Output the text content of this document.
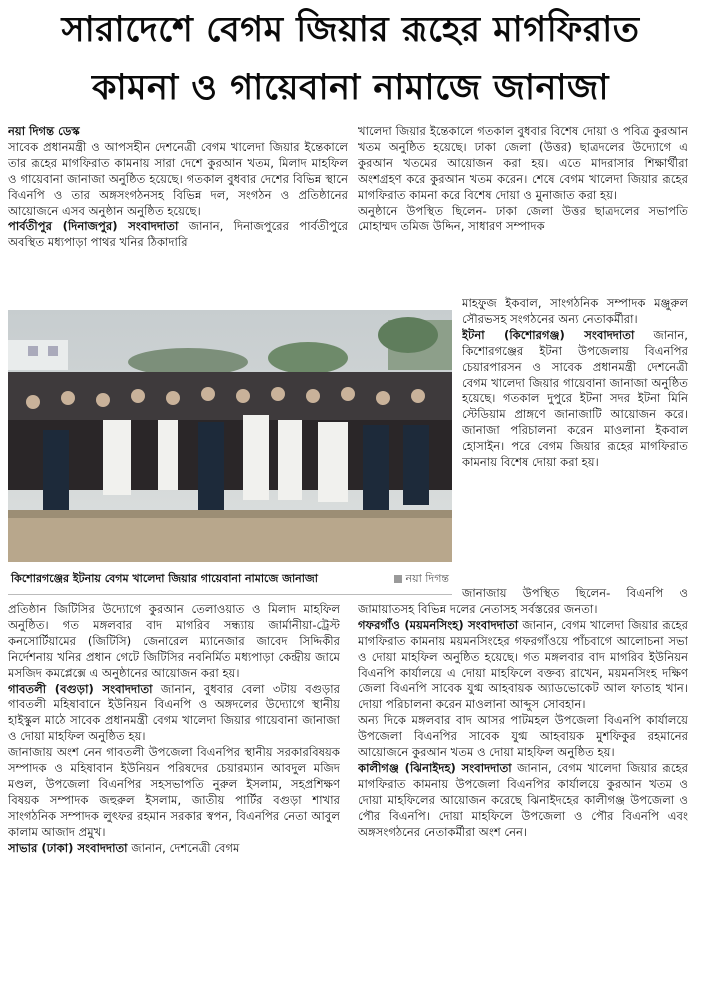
সারাদেশে বেগম জিয়ার রূহের মাগফিরাত
কামনা ও গায়েবানা নামাজে জানাজা

নয়া দিগন্ত ডেস্ক

সাবেক প্রধানমন্ত্রী ও আপসহীন দেশনেত্রী বেগম খালেদা জিয়ার ইন্তেকালে তার রূহের মাগফিরাত কামনায় সারা দেশে কুরআন খতম, মিলাদ মাহফিল ও গায়েবানা জানাজা অনুষ্ঠিত হয়েছে। গতকাল বুধবার দেশের বিভিন্ন স্থানে বিএনপি ও তার অঙ্গসংগঠনসহ বিভিন্ন দল, সংগঠন ও প্রতিষ্ঠানের আয়োজনে এসব অনুষ্ঠান অনুষ্ঠিত হয়েছে।

পার্বতীপুর (দিনাজপুর) সংবাদদাতা জানান, দিনাজপুরের পার্বতীপুরে অবস্থিত মধ্যপাড়া পাথর খনির ঠিকাদারি

কিশোরগঞ্জের ইটনায় বেগম খালেদা জিয়ার গায়েবানা নামাজে জানাজা	নয়া দিগন্ত

প্রতিষ্ঠান জিটিসির উদ্যোগে কুরআন তেলাওয়াত ও মিলাদ মাহফিল অনুষ্ঠিত। গত মঙ্গলবার বাদ মাগরিব সন্ধ্যায় জার্মানীয়া-ট্রেস্ট কনসোর্টিয়ামের (জিটিসি) জেনারেল ম্যানেজার জাবেদ সিদ্দিকীর নির্দেশনায় খনির প্রধান গেটে জিটিসির নবনির্মিত মধ্যপাড়া কেন্দ্রীয় জামে মসজিদ কমপ্লেক্সে এ অনুষ্ঠানের আয়োজন করা হয়।

গাবতলী (বগুড়া) সংবাদদাতা জানান, বুধবার বেলা ৩টায় বগুড়ার গাবতলী মহিষাবানে ইউনিয়ন বিএনপি ও অঙ্গদলের উদ্যোগে স্থানীয় হাইস্কুল মাঠে সাবেক প্রধানমন্ত্রী বেগম খালেদা জিয়ার গায়েবানা জানাজা ও দোয়া মাহফিল অনুষ্ঠিত হয়।

জানাজায় অংশ নেন গাবতলী উপজেলা বিএনপির স্থানীয় সরকারবিষয়ক সম্পাদক ও মহিষাবান ইউনিয়ন পরিষদের চেয়ারম্যান আবদুল মজিদ মণ্ডল, উপজেলা বিএনপির সহসভাপতি নুরুল ইসলাম, সহপ্রশিক্ষণ বিষয়ক সম্পাদক জহুরুল ইসলাম, জাতীয় পার্টির বগুড়া শাখার সাংগঠনিক সম্পাদক লুৎফর রহমান সরকার স্বপন, বিএনপির নেতা আবুল কালাম আজাদ প্রমুখ।

সাভার (ঢাকা) সংবাদদাতা জানান, দেশনেত্রী বেগম

খালেদা জিয়ার ইন্তেকালে গতকাল বুধবার বিশেষ দোয়া ও পবিত্র কুরআন খতম অনুষ্ঠিত হয়েছে। ঢাকা জেলা (উত্তর) ছাত্রদলের উদ্যোগে এ কুরআন খতমের আয়োজন করা হয়। এতে মাদরাসার শিক্ষার্থীরা অংশগ্রহণ করে কুরআন খতম করেন। শেষে বেগম খালেদা জিয়ার রূহের মাগফিরাত কামনা করে বিশেষ দোয়া ও মুনাজাত করা হয়।

অনুষ্ঠানে উপস্থিত ছিলেন- ঢাকা জেলা উত্তর ছাত্রদলের সভাপতি মোহাম্মদ তমিজ উদ্দিন, সাধারণ সম্পাদক

মাহফুজ ইকবাল, সাংগঠনিক সম্পাদক মঞ্জুরুল সৌরভসহ সংগঠনের অন্য নেতাকর্মীরা।

ইটনা (কিশোরগঞ্জ) সংবাদদাতা জানান, কিশোরগঞ্জের ইটনা উপজেলায় বিএনপির চেয়ারপারসন ও সাবেক প্রধানমন্ত্রী দেশনেত্রী বেগম খালেদা জিয়ার গায়েবানা জানাজা অনুষ্ঠিত হয়েছে। গতকাল দুপুরে ইটনা সদর ইটনা মিনি স্টেডিয়াম প্রাঙ্গণে জানাজাটি আয়োজন করে। জানাজা পরিচালনা করেন মাওলানা ইকবাল হোসাইন। পরে বেগম জিয়ার রূহের মাগফিরাত কামনায় বিশেষ দোয়া করা হয়।

জানাজায় উপস্থিত ছিলেন- বিএনপি ও জামায়াতসহ বিভিন্ন দলের নেতাসহ সর্বস্তরের জনতা।

গফরগাঁও (ময়মনসিংহ) সংবাদদাতা জানান, বেগম খালেদা জিয়ার রূহের মাগফিরাত কামনায় ময়মনসিংহের গফরগাঁওয়ে পাঁচবাগে আলোচনা সভা ও দোয়া মাহফিল অনুষ্ঠিত হয়েছে। গত মঙ্গলবার বাদ মাগরিব ইউনিয়ন বিএনপি কার্যালয়ে এ দোয়া মাহফিলে বক্তব্য রাখেন, ময়মনসিংহ দক্ষিণ জেলা বিএনপি সাবেক যুগ্ম আহবায়ক অ্যাডভোকেট আল ফাতাহ খান। দোয়া পরিচালনা করেন মাওলানা আব্দুস সোবহান।

অন্য দিকে মঙ্গলবার বাদ আসর পাটমহল উপজেলা বিএনপি কার্যালয়ে উপজেলা বিএনপির সাবেক যুগ্ম আহবায়ক মুশফিকুর রহমানের আয়োজনে কুরআন খতম ও দোয়া মাহফিল অনুষ্ঠিত হয়।

কালীগঞ্জ (ঝিনাইদহ) সংবাদদাতা জানান, বেগম খালেদা জিয়ার রূহের মাগফিরাত কামনায় উপজেলা বিএনপির কার্যালয়ে কুরআন খতম ও দোয়া মাহফিলের আয়োজন করেছে ঝিনাইদহের কালীগঞ্জ উপজেলা ও পৌর বিএনপি। দোয়া মাহফিলে উপজেলা ও পৌর বিএনপি এবং অঙ্গসংগঠনের নেতাকর্মীরা অংশ নেন।
